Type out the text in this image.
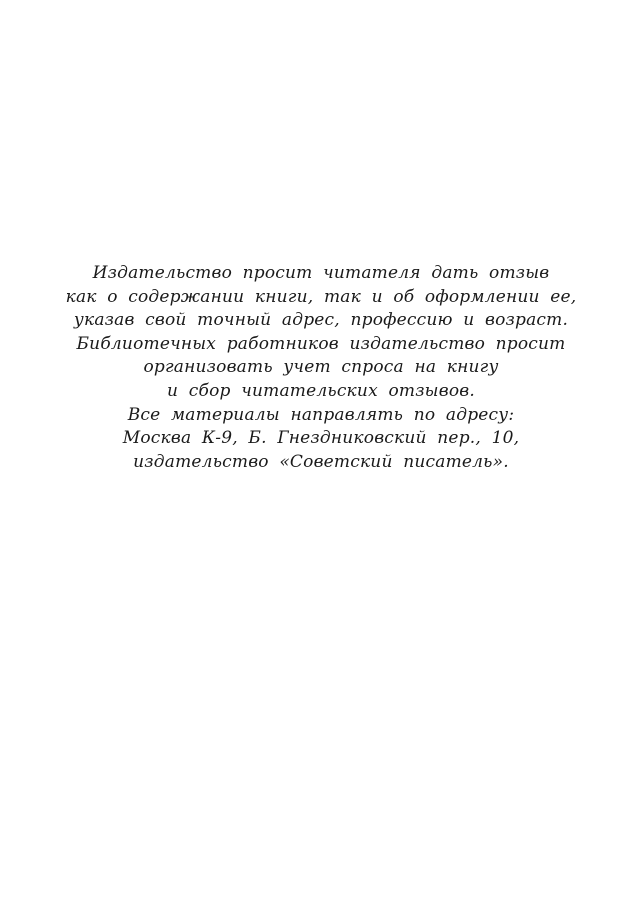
Издательство просит читателя дать отзыв
как о содержании книги, так и об оформлении ее,
указав свой точный адрес, профессию и возраст.
Библиотечных работников издательство просит
организовать учет спроса на книгу
и сбор читательских отзывов.
Все материалы направлять по адресу:
Москва К-9, Б. Гнездниковский пер., 10,
издательство «Советский писатель».
